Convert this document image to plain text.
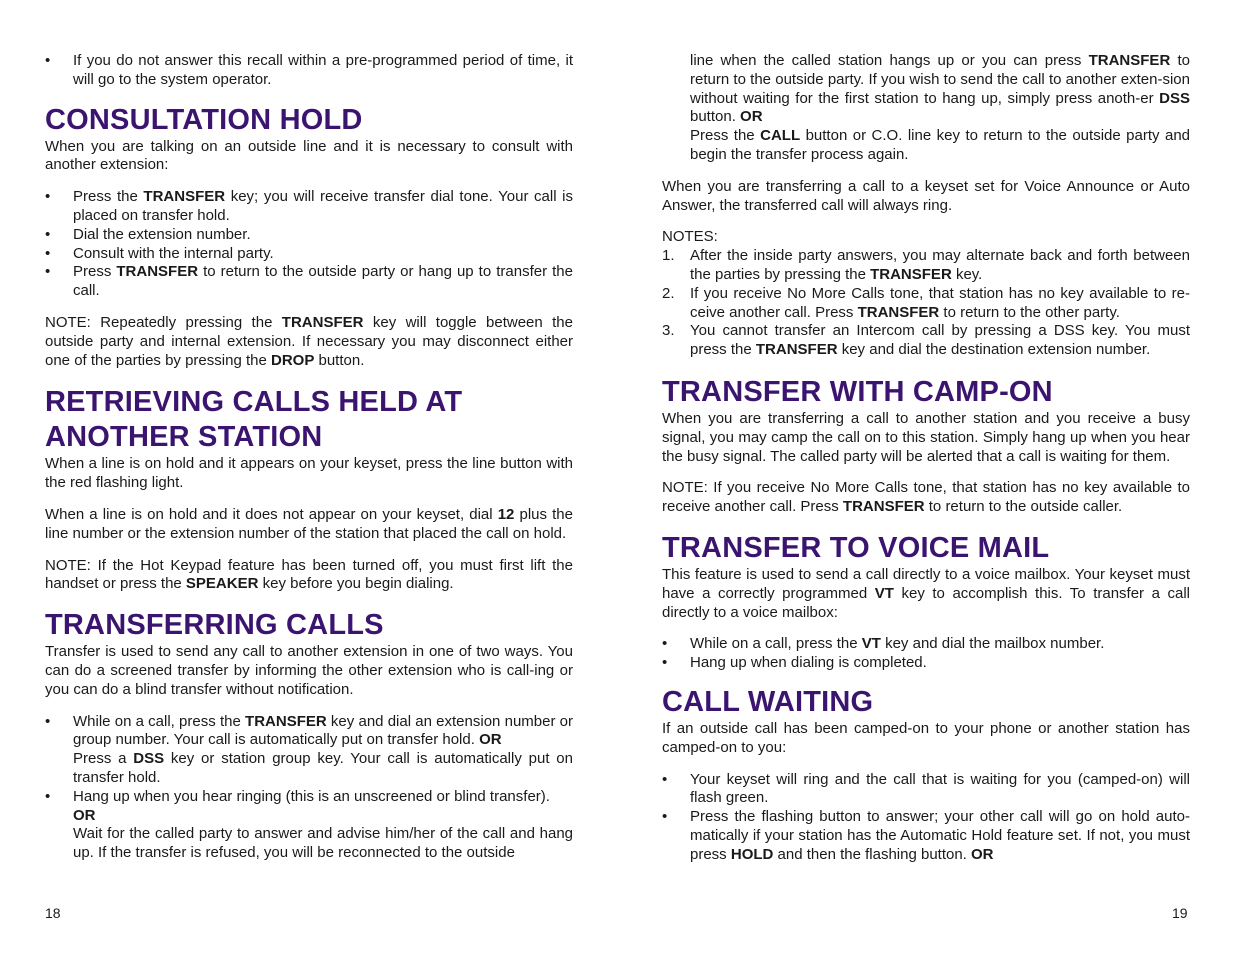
• If you do not answer this recall within a pre-programmed period of time, it will go to the system operator.
CONSULTATION HOLD

When you are talking on an outside line and it is necessary to consult with another extension:

• Press the TRANSFER key; you will receive transfer dial tone. Your call is placed on transfer hold.
• Dial the extension number.
• Consult with the internal party.
• Press TRANSFER to return to the outside party or hang up to transfer the call.

NOTE: Repeatedly pressing the TRANSFER key will toggle between the outside party and internal extension. If necessary you may disconnect either one of the parties by pressing the DROP button.

RETRIEVING CALLS HELD AT
ANOTHER STATION

When a line is on hold and it appears on your keyset, press the line button with the red flashing light.

When a line is on hold and it does not appear on your keyset, dial 12 plus the line number or the extension number of the station that placed the call on hold.

NOTE: If the Hot Keypad feature has been turned off, you must first lift the handset or press the SPEAKER key before you begin dialing.

TRANSFERRING CALLS

Transfer is used to send any call to another extension in one of two ways. You can do a screened transfer by informing the other extension who is call-ing or you can do a blind transfer without notification.

• While on a call, press the TRANSFER key and dial an extension number or group number. Your call is automatically put on transfer hold. OR
Press a DSS key or station group key. Your call is automatically put on transfer hold.
• Hang up when you hear ringing (this is an unscreened or blind transfer).
OR
Wait for the called party to answer and advise him/her of the call and hang up. If the transfer is refused, you will be reconnected to the outside
18

line when the called station hangs up or you can press TRANSFER to return to the outside party. If you wish to send the call to another exten-sion without waiting for the first station to hang up, simply press anoth-er DSS button. OR
Press the CALL button or C.O. line key to return to the outside party and begin the transfer process again.

When you are transferring a call to a keyset set for Voice Announce or Auto Answer, the transferred call will always ring.

NOTES:

1. After the inside party answers, you may alternate back and forth between the parties by pressing the TRANSFER key.
2. If you receive No More Calls tone, that station has no key available to re-ceive another call. Press TRANSFER to return to the other party.
3. You cannot transfer an Intercom call by pressing a DSS key. You must press the TRANSFER key and dial the destination extension number.
TRANSFER WITH CAMP-ON

When you are transferring a call to another station and you receive a busy signal, you may camp the call on to this station. Simply hang up when you hear the busy signal. The called party will be alerted that a call is waiting for them.

NOTE: If you receive No More Calls tone, that station has no key available to receive another call. Press TRANSFER to return to the outside caller.

TRANSFER TO VOICE MAIL

This feature is used to send a call directly to a voice mailbox. Your keyset must have a correctly programmed VT key to accomplish this. To transfer a call directly to a voice mailbox:

• While on a call, press the VT key and dial the mailbox number.
• Hang up when dialing is completed.
CALL WAITING

If an outside call has been camped-on to your phone or another station has camped-on to you:

• Your keyset will ring and the call that is waiting for you (camped-on) will flash green.
• Press the flashing button to answer; your other call will go on hold auto-matically if your station has the Automatic Hold feature set. If not, you must press HOLD and then the flashing button. OR
19
